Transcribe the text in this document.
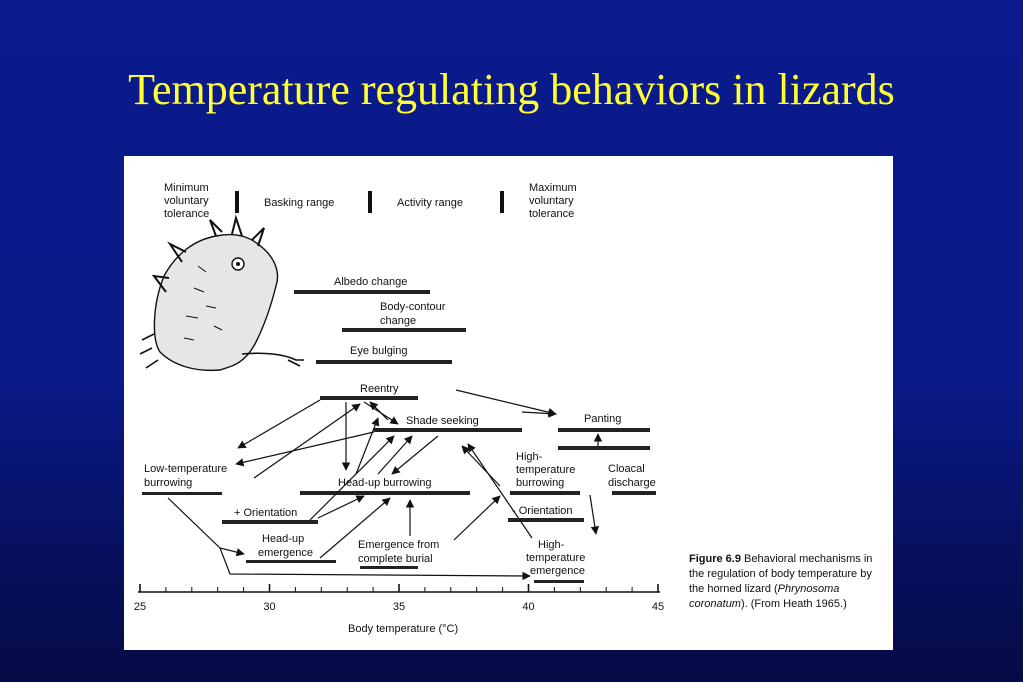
Temperature regulating behaviors in lizards
Minimum voluntary tolerance
Basking range	Activity range
Maximum voluntary tolerance
Albedo change
Body-contour change
Eye bulging
Reentry
Shade seeking	Panting
Low-temperature burrowing	Head-up burrowing
High- temperature burrowing
Cloacal discharge
+ Orientation	- Orientation
Head-up emergence
Emergence from complete burial
High- temperature emergence
25	30	35	40	45
Body temperature (°C)
Figure 6.9 Behavioral mechanisms in the regulation of body temperature by the horned lizard (Phrynosoma coronatum). (From Heath 1965.)
